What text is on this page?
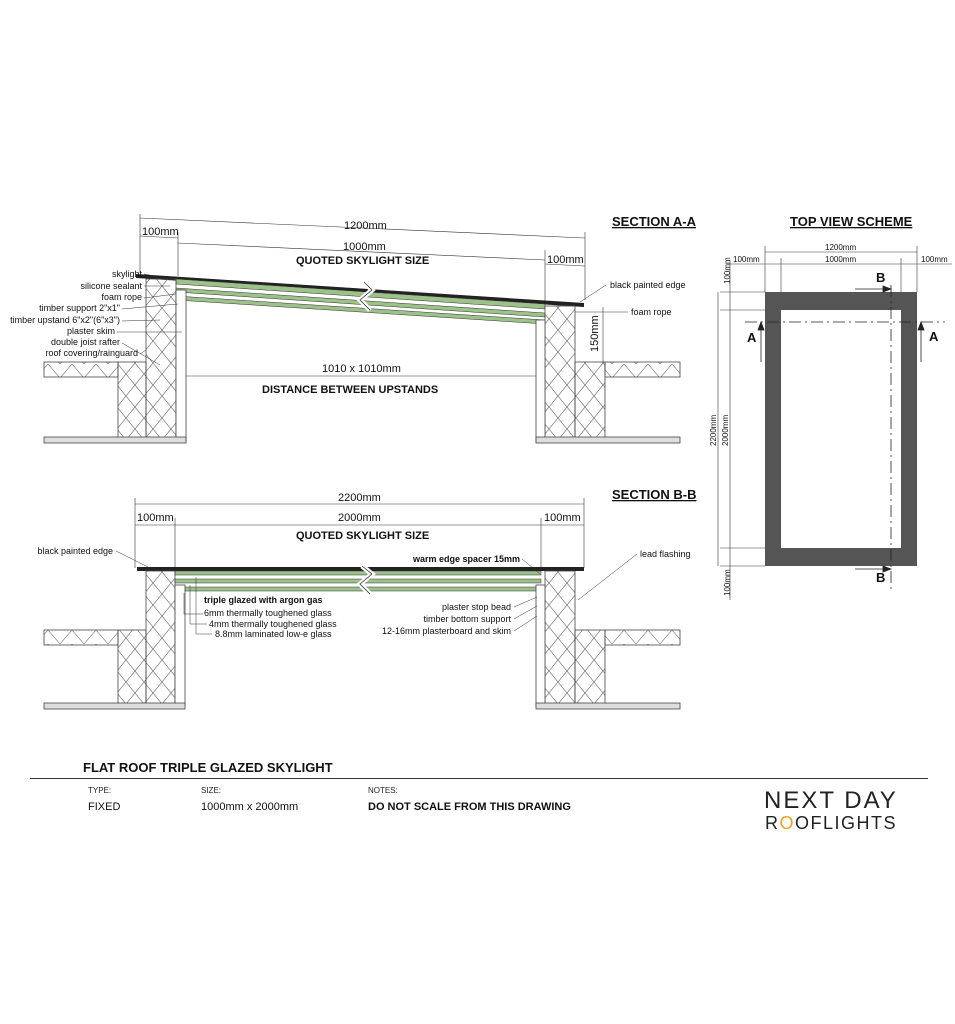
SECTION A-A
1200mm
100mm
1000mm
100mm
QUOTED SKYLIGHT SIZE
150mm
1010 x 1010mm
DISTANCE BETWEEN UPSTANDS
skylight
silicone sealant
foam rope
timber support 2"x1"
timber upstand 6"x2"(6"x3")
plaster skim
double joist rafter
roof covering/rainguard
black painted edge
foam rope
SECTION B-B
2200mm
100mm	2000mm	100mm
QUOTED SKYLIGHT SIZE
black painted edge
triple glazed with argon gas
6mm thermally toughened glass
4mm thermally toughened glass
8.8mm laminated low-e glass
warm edge spacer 15mm	lead flashing
plaster stop bead
timber bottom support
12-16mm plasterboard and skim
TOP VIEW SCHEME
1200mm
1000mm
100mm	100mm
100mm
100mm
2200mm 2000mm
A	A
B
B
FLAT ROOF TRIPLE GLAZED SKYLIGHT
TYPE:
FIXED
SIZE:
1000mm x 2000mm
NOTES:
DO NOT SCALE FROM THIS DRAWING	NEXT DAY
ROOFLIGHTS
